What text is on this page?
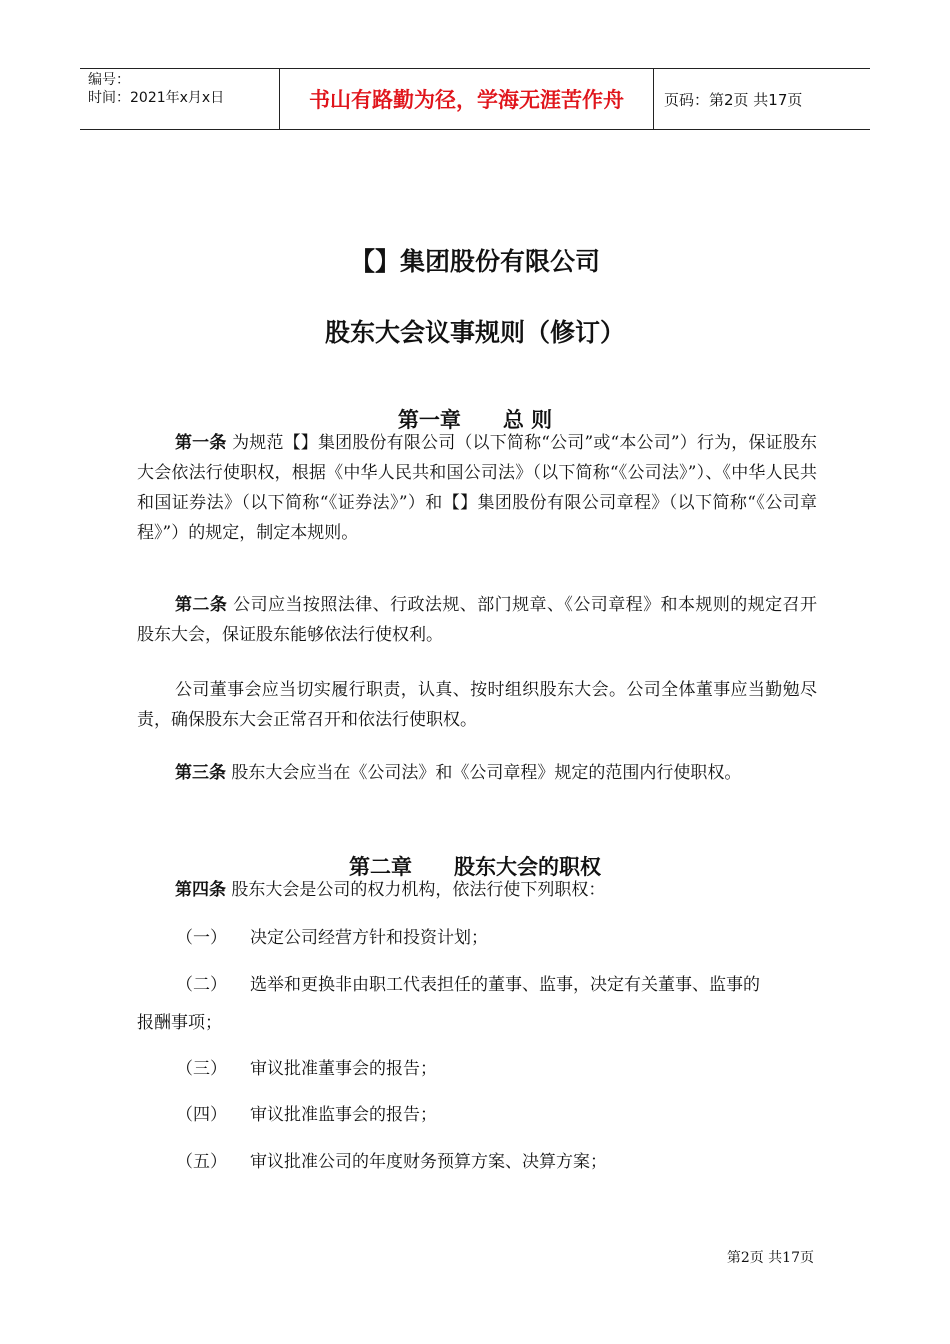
编号：
时间：2021年x月x日	书山有路勤为径，学海无涯苦作舟	页码：第2页 共17页
【】集团股份有限公司
股东大会议事规则（修订）
第一章　　总 则
第一条 为规范【】集团股份有限公司（以下简称“公司”或“本公司”）行为，保证股东大会依法行使职权，根据《中华人民共和国公司法》（以下简称“《公司法》”）、《中华人民共和国证券法》（以下简称“《证券法》”）和【】集团股份有限公司章程》（以下简称“《公司章程》”）的规定，制定本规则。
第二条 公司应当按照法律、行政法规、部门规章、《公司章程》和本规则的规定召开股东大会，保证股东能够依法行使权利。
公司董事会应当切实履行职责，认真、按时组织股东大会。公司全体董事应当勤勉尽责，确保股东大会正常召开和依法行使职权。
第三条 股东大会应当在《公司法》和《公司章程》规定的范围内行使职权。
第二章　　股东大会的职权
第四条 股东大会是公司的权力机构，依法行使下列职权：
（一） 决定公司经营方针和投资计划；
（二） 选举和更换非由职工代表担任的董事、监事，决定有关董事、监事的
报酬事项；
（三） 审议批准董事会的报告；
（四） 审议批准监事会的报告；
（五） 审议批准公司的年度财务预算方案、决算方案；
第2页 共17页
